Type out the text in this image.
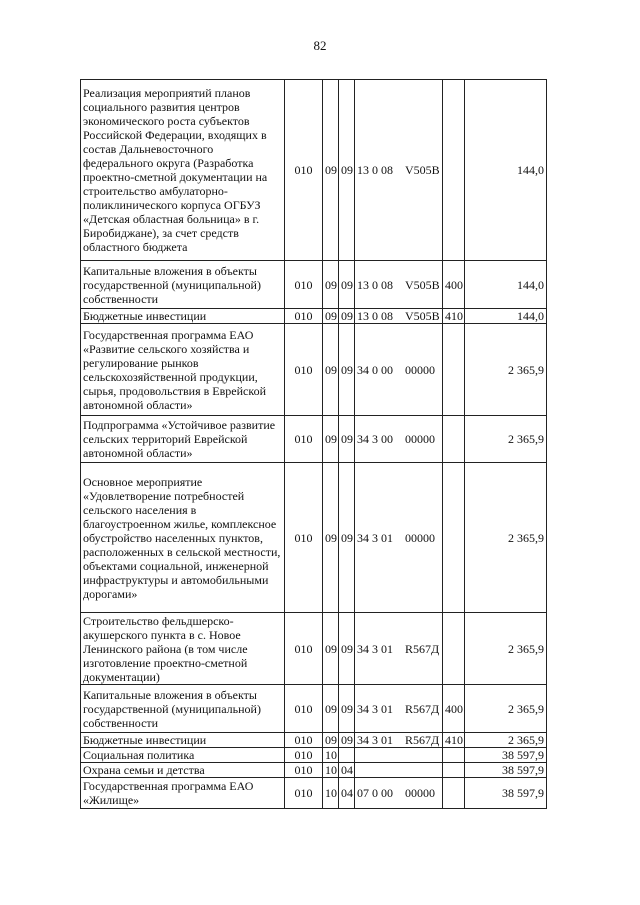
82
Реализация мероприятий планов социального развития центров экономического роста субъектов Российской Федерации, входящих в состав Дальневосточного федерального округа (Разработка проектно-сметной документации на строительство амбулаторно-поликлинического корпуса ОГБУЗ «Детская областная больница» в г. Биробиджане), за счет средств областного бюджета	010	09	09	13 0 08 V505В		144,0
Капитальные вложения в объекты государственной (муниципальной) собственности	010	09	09	13 0 08 V505В	400	144,0
Бюджетные инвестиции	010	09	09	13 0 08 V505В	410	144,0
Государственная программа ЕАО «Развитие сельского хозяйства и регулирование рынков сельскохозяйственной продукции, сырья, продовольствия в Еврейской автономной области»	010	09	09	34 0 00 00000		2 365,9
Подпрограмма «Устойчивое развитие сельских территорий Еврейской автономной области»	010	09	09	34 3 00 00000		2 365,9
Основное мероприятие «Удовлетворение потребностей сельского населения в благоустроенном жилье, комплексное обустройство населенных пунктов, расположенных в сельской местности, объектами социальной, инженерной инфраструктуры и автомобильными дорогами»	010	09	09	34 3 01 00000		2 365,9
Строительство фельдшерско-акушерского пункта в с. Новое Ленинского района (в том числе изготовление проектно-сметной документации)	010	09	09	34 3 01 R567Д		2 365,9
Капитальные вложения в объекты государственной (муниципальной) собственности	010	09	09	34 3 01 R567Д	400	2 365,9
Бюджетные инвестиции	010	09	09	34 3 01 R567Д	410	2 365,9
Социальная политика	010	10				38 597,9
Охрана семьи и детства	010	10	04			38 597,9
Государственная программа ЕАО «Жилище»	010	10	04	07 0 00 00000		38 597,9
